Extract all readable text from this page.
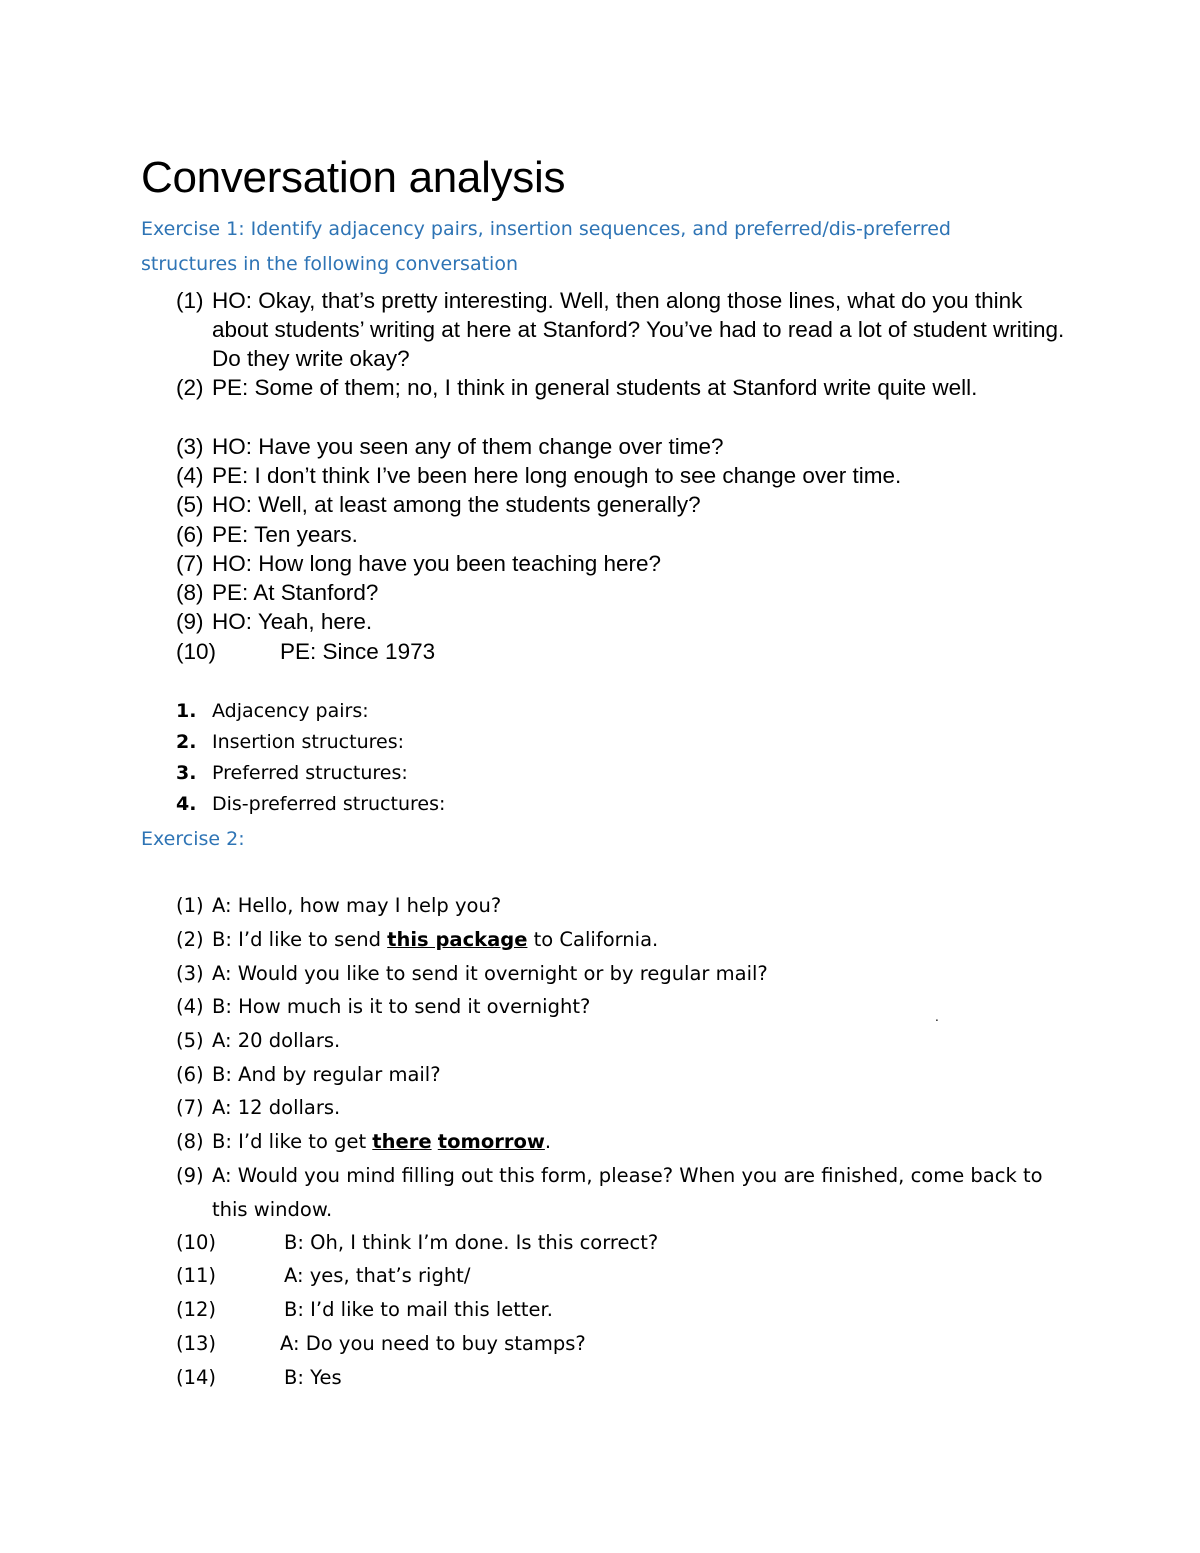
Conversation analysis

Exercise 1: Identify adjacency pairs, insertion sequences, and preferred/dis-preferred structures in the following conversation

(1) HO: Okay, that’s pretty interesting. Well, then along those lines, what do you think about students’ writing at here at Stanford? You’ve had to read a lot of student writing. Do they write okay?

(2) PE: Some of them; no, I think in general students at Stanford write quite well.

(3) HO: Have you seen any of them change over time?

(4) PE: I don’t think I’ve been here long enough to see change over time.

(5) HO: Well, at least among the students generally?

(6) PE: Ten years.

(7) HO: How long have you been teaching here?

(8) PE: At Stanford?

(9) HO: Yeah, here.

(10)	PE: Since 1973

1. Adjacency pairs:

2. Insertion structures:

3. Preferred structures:

4. Dis-preferred structures:

Exercise 2:

(1) A: Hello, how may I help you?

(2) B: I’d like to send this package to California.

(3) A: Would you like to send it overnight or by regular mail?

(4) B: How much is it to send it overnight?

(5) A: 20 dollars.

(6) B: And by regular mail?

(7) A: 12 dollars.

(8) B: I’d like to get there tomorrow.

(9) A: Would you mind filling out this form, please? When you are finished, come back to this window.

(10)	B: Oh, I think I’m done. Is this correct?

(11)	A: yes, that’s right/

(12)	B: I’d like to mail this letter.

(13)	A: Do you need to buy stamps?

(14)	B: Yes

.
